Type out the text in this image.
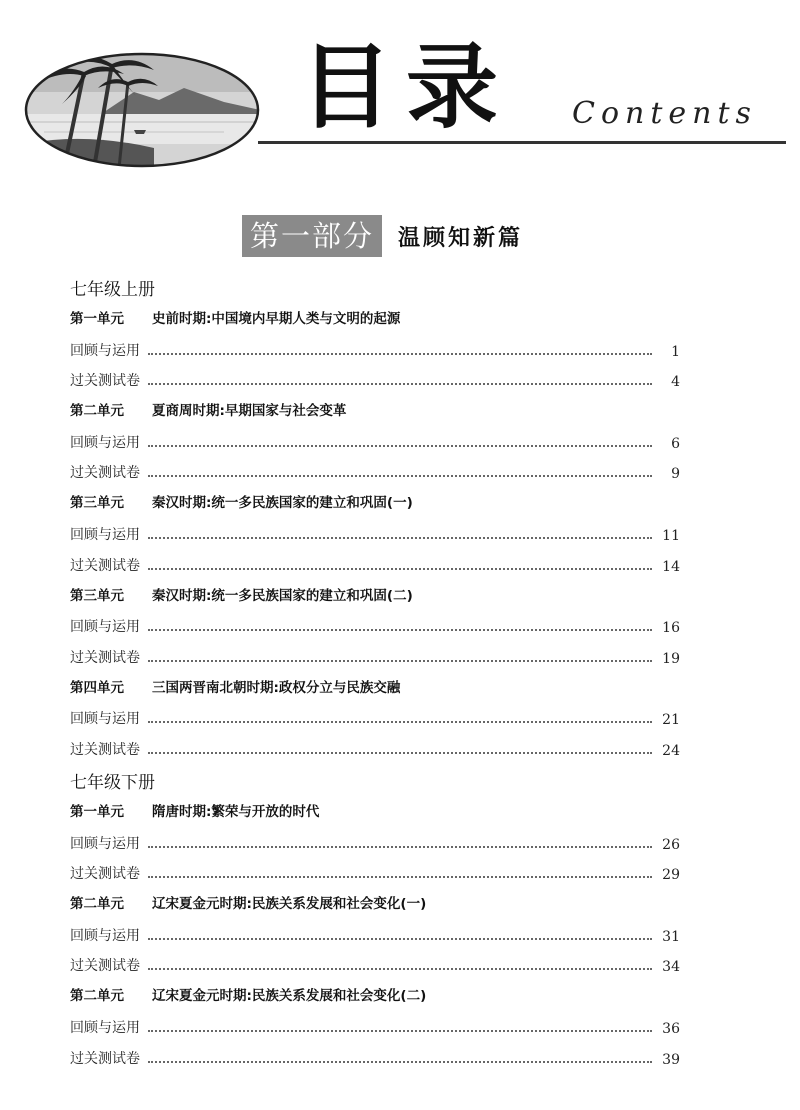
目录 Contents
第一部分	温顾知新篇
七年级上册
第一单元 史前时期:中国境内早期人类与文明的起源
回顾与运用	1
过关测试卷	4
第二单元 夏商周时期:早期国家与社会变革
回顾与运用	6
过关测试卷	9
第三单元 秦汉时期:统一多民族国家的建立和巩固(一)
回顾与运用	11
过关测试卷	14
第三单元 秦汉时期:统一多民族国家的建立和巩固(二)
回顾与运用	16
过关测试卷	19
第四单元 三国两晋南北朝时期:政权分立与民族交融
回顾与运用	21
过关测试卷	24
七年级下册
第一单元 隋唐时期:繁荣与开放的时代
回顾与运用	26
过关测试卷	29
第二单元 辽宋夏金元时期:民族关系发展和社会变化(一)
回顾与运用	31
过关测试卷	34
第二单元 辽宋夏金元时期:民族关系发展和社会变化(二)
回顾与运用	36
过关测试卷	39
